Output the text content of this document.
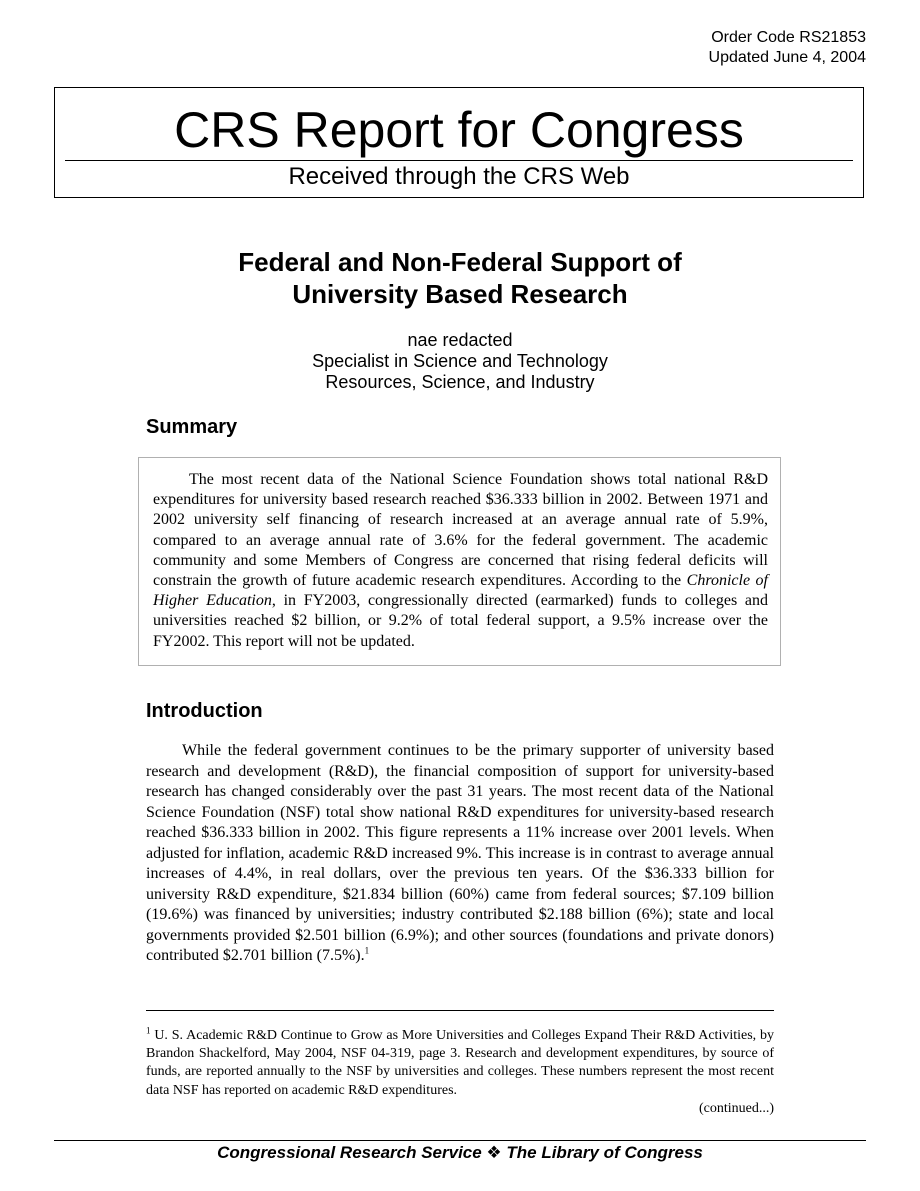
Order Code RS21853
Updated June 4, 2004
CRS Report for Congress
Received through the CRS Web
Federal and Non-Federal Support of
University Based Research
nae redacted
Specialist in Science and Technology
Resources, Science, and Industry
Summary

The most recent data of the National Science Foundation shows total national R&D expenditures for university based research reached $36.333 billion in 2002. Between 1971 and 2002 university self financing of research increased at an average annual rate of 5.9%, compared to an average annual rate of 3.6% for the federal government. The academic community and some Members of Congress are concerned that rising federal deficits will constrain the growth of future academic research expenditures. According to the Chronicle of Higher Education, in FY2003, congressionally directed (earmarked) funds to colleges and universities reached $2 billion, or 9.2% of total federal support, a 9.5% increase over the FY2002. This report will not be updated.

Introduction

While the federal government continues to be the primary supporter of university based research and development (R&D), the financial composition of support for university-based research has changed considerably over the past 31 years. The most recent data of the National Science Foundation (NSF) total show national R&D expenditures for university-based research reached $36.333 billion in 2002. This figure represents a 11% increase over 2001 levels. When adjusted for inflation, academic R&D increased 9%. This increase is in contrast to average annual increases of 4.4%, in real dollars, over the previous ten years. Of the $36.333 billion for university R&D expenditure, $21.834 billion (60%) came from federal sources; $7.109 billion (19.6%) was financed by universities; industry contributed $2.188 billion (6%); state and local governments provided $2.501 billion (6.9%); and other sources (foundations and private donors) contributed $2.701 billion (7.5%).$^1$

$^1$ U. S. Academic R&D Continue to Grow as More Universities and Colleges Expand Their R&D Activities, by Brandon Shackelford, May 2004, NSF 04-319, page 3. Research and development expenditures, by source of funds, are reported annually to the NSF by universities and colleges. These numbers represent the most recent data NSF has reported on academic R&D expenditures.

(continued...)

Congressional Research Service ❖ The Library of Congress
